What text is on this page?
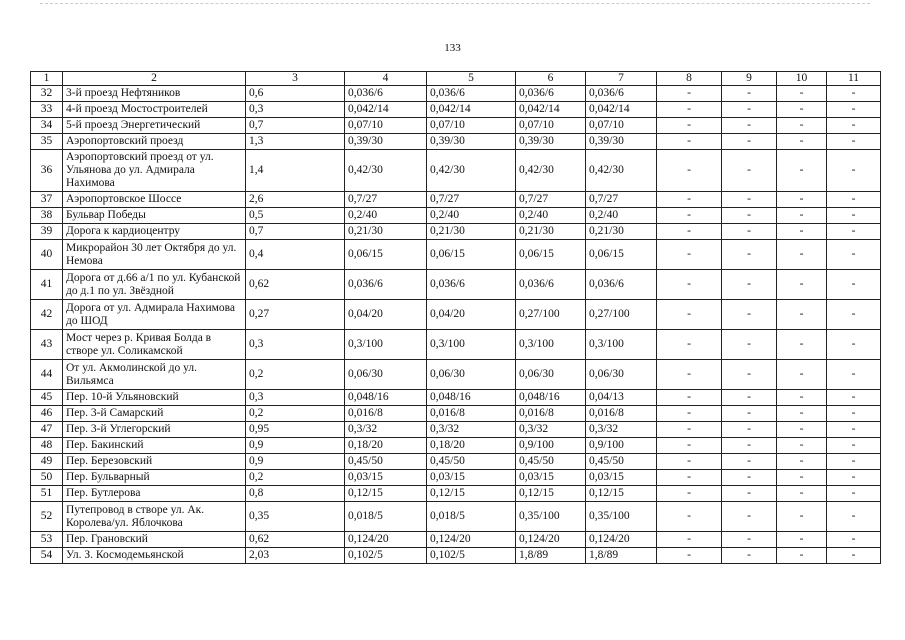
133
1	2	3	4	5	6	7	8	9	10	11
32	3-й проезд Нефтяников	0,6	0,036/6	0,036/6	0,036/6	0,036/6	-	-	-	-
33	4-й проезд Мостостроителей	0,3	0,042/14	0,042/14	0,042/14	0,042/14	-	-	-	-
34	5-й проезд Энергетический	0,7	0,07/10	0,07/10	0,07/10	0,07/10	-	-	-	-
35	Аэропортовский проезд	1,3	0,39/30	0,39/30	0,39/30	0,39/30	-	-	-	-
36	Аэропортовский проезд от ул. Ульянова до ул. Адмирала Нахимова	1,4	0,42/30	0,42/30	0,42/30	0,42/30	-	-	-	-
37	Аэропортовское Шоссе	2,6	0,7/27	0,7/27	0,7/27	0,7/27	-	-	-	-
38	Бульвар Победы	0,5	0,2/40	0,2/40	0,2/40	0,2/40	-	-	-	-
39	Дорога к кардиоцентру	0,7	0,21/30	0,21/30	0,21/30	0,21/30	-	-	-	-
40	Микрорайон 30 лет Октября до ул. Немова	0,4	0,06/15	0,06/15	0,06/15	0,06/15	-	-	-	-
41	Дорога от д.66 а/1 по ул. Кубанской до д.1 по ул. Звёздной	0,62	0,036/6	0,036/6	0,036/6	0,036/6	-	-	-	-
42	Дорога от ул. Адмирала Нахимова до ШОД	0,27	0,04/20	0,04/20	0,27/100	0,27/100	-	-	-	-
43	Мост через р. Кривая Болда в створе ул. Соликамской	0,3	0,3/100	0,3/100	0,3/100	0,3/100	-	-	-	-
44	От ул. Акмолинской до ул. Вильямса	0,2	0,06/30	0,06/30	0,06/30	0,06/30	-	-	-	-
45	Пер. 10-й Ульяновский	0,3	0,048/16	0,048/16	0,048/16	0,04/13	-	-	-	-
46	Пер. 3-й Самарский	0,2	0,016/8	0,016/8	0,016/8	0,016/8	-	-	-	-
47	Пер. 3-й Углегорский	0,95	0,3/32	0,3/32	0,3/32	0,3/32	-	-	-	-
48	Пер. Бакинский	0,9	0,18/20	0,18/20	0,9/100	0,9/100	-	-	-	-
49	Пер. Березовский	0,9	0,45/50	0,45/50	0,45/50	0,45/50	-	-	-	-
50	Пер. Бульварный	0,2	0,03/15	0,03/15	0,03/15	0,03/15	-	-	-	-
51	Пер. Бутлерова	0,8	0,12/15	0,12/15	0,12/15	0,12/15	-	-	-	-
52	Путепровод в створе ул. Ак. Королева/ул. Яблочкова	0,35	0,018/5	0,018/5	0,35/100	0,35/100	-	-	-	-
53	Пер. Грановский	0,62	0,124/20	0,124/20	0,124/20	0,124/20	-	-	-	-
54	Ул. З. Космодемьянской	2,03	0,102/5	0,102/5	1,8/89	1,8/89	-	-	-	-
